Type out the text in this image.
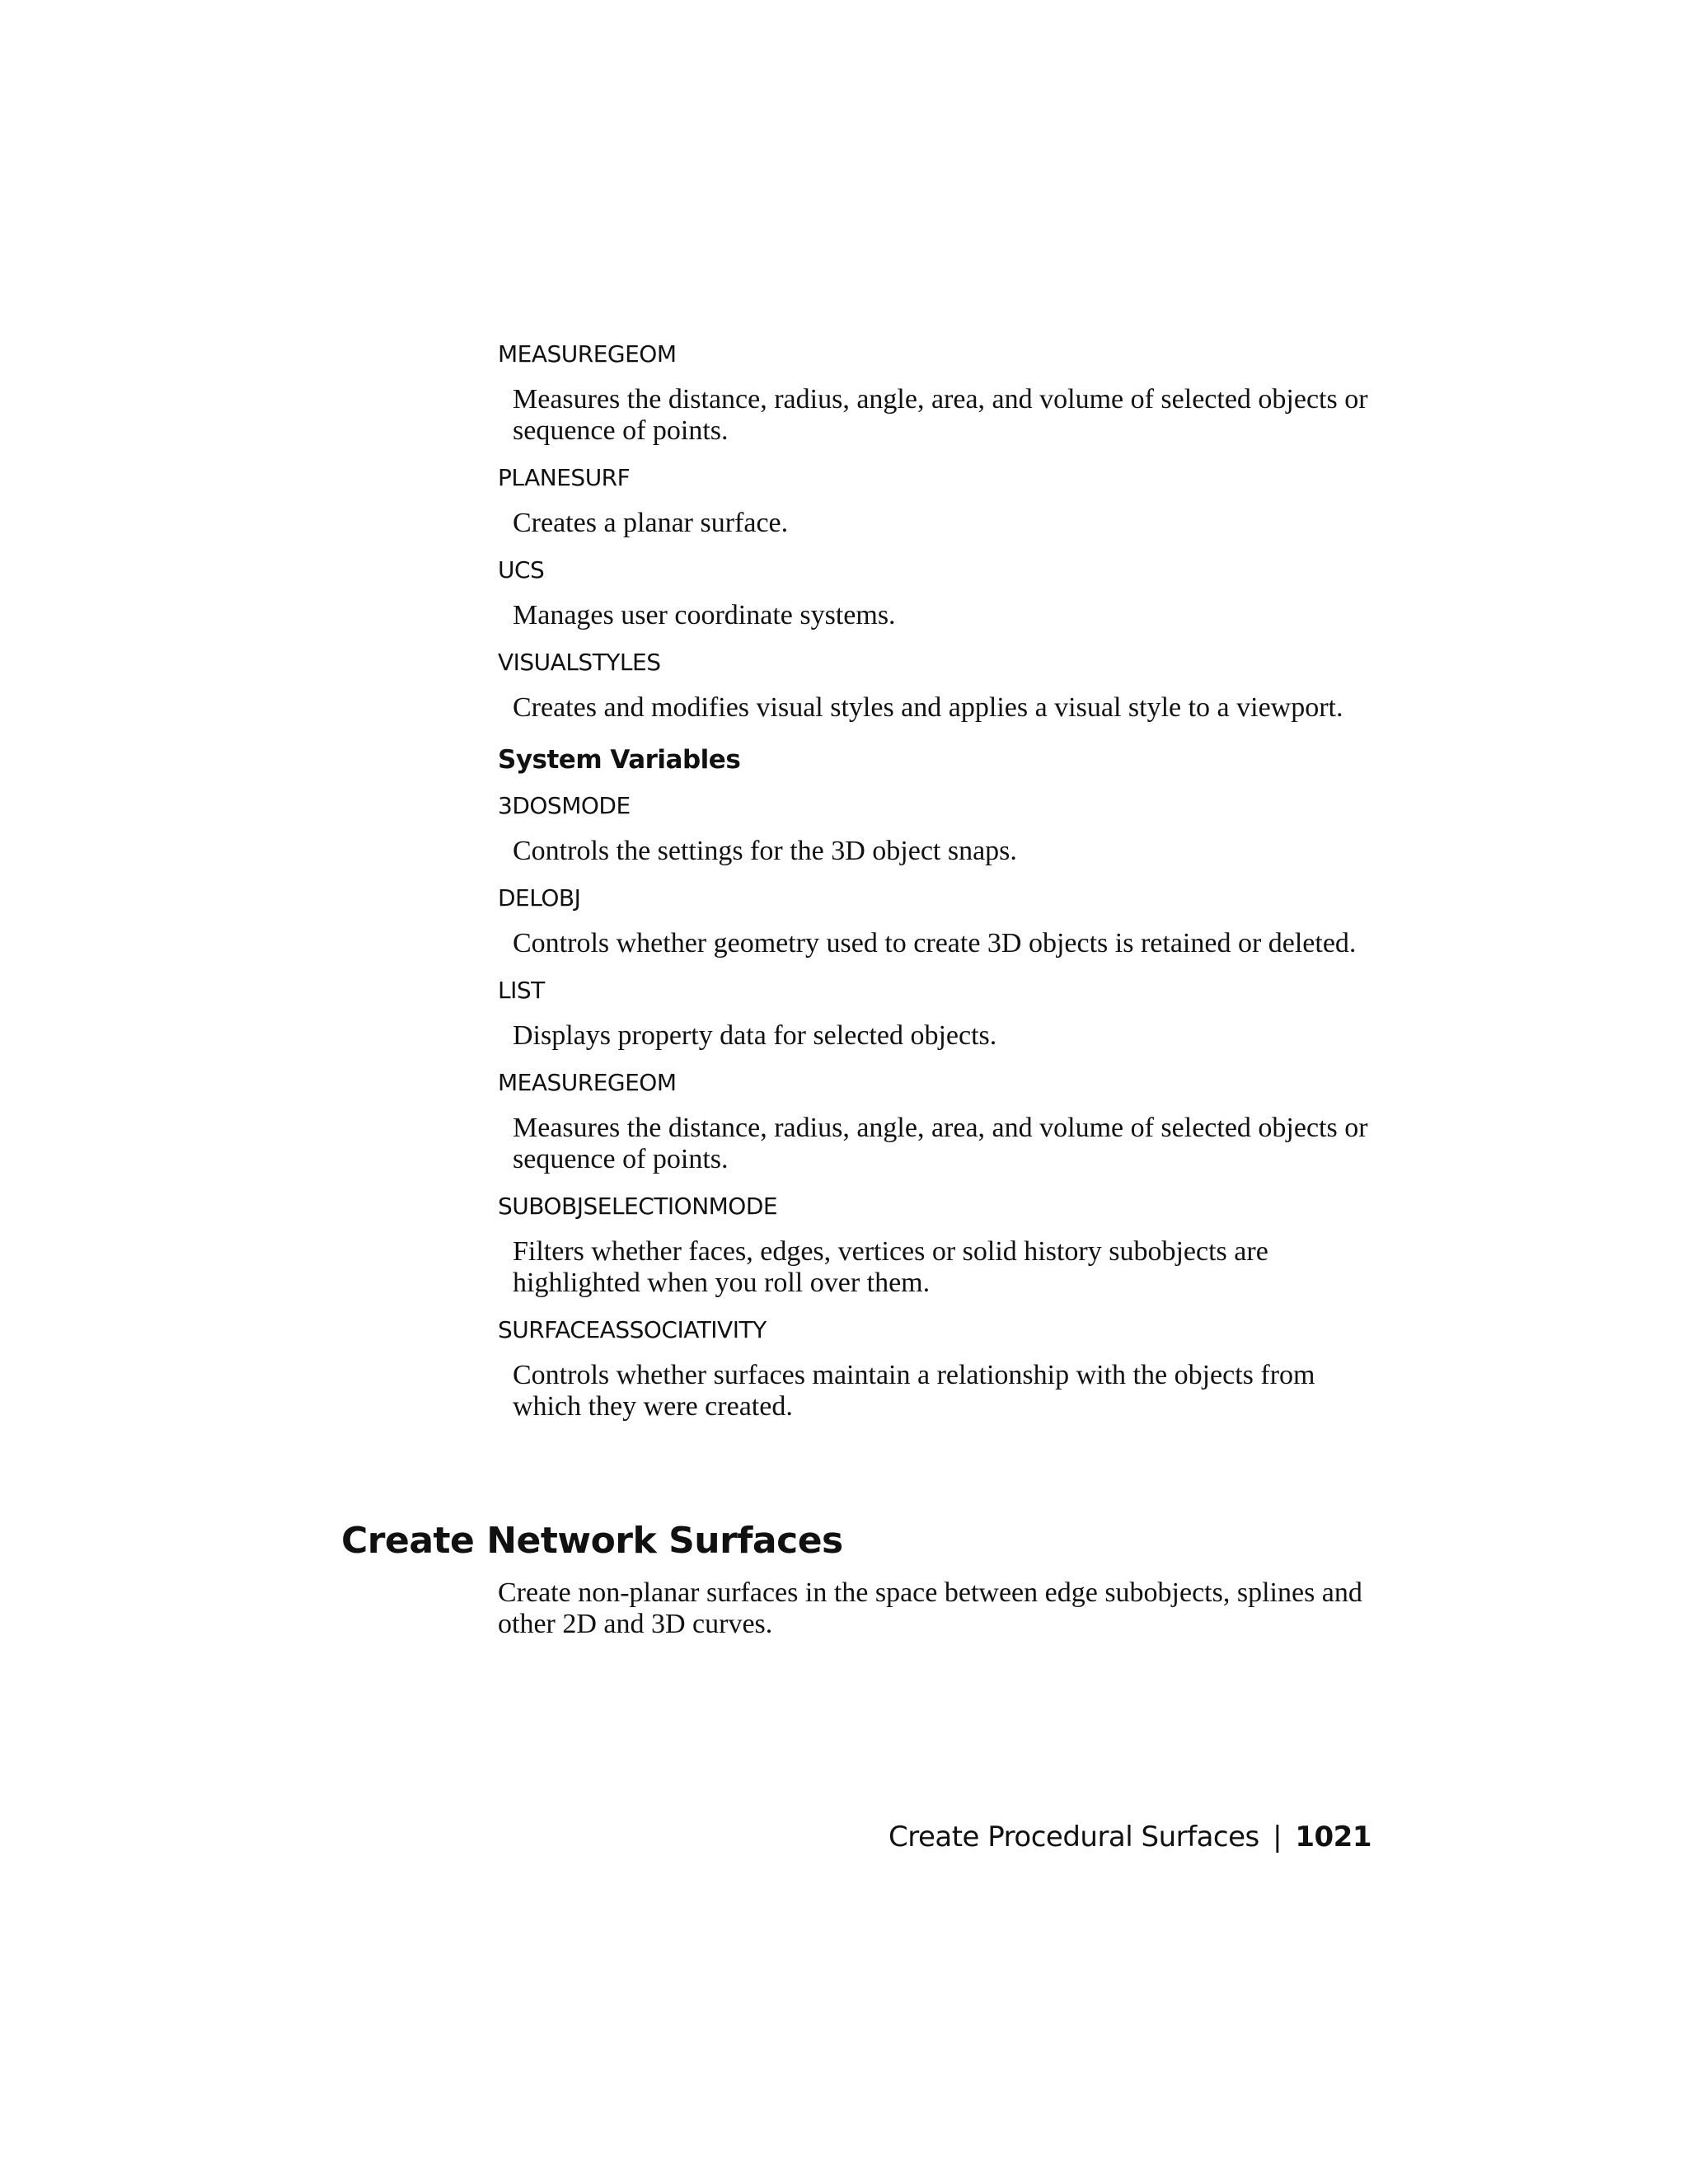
MEASUREGEOM
Measures the distance, radius, angle, area, and volume of selected objects or sequence of points.
PLANESURF
Creates a planar surface.
UCS
Manages user coordinate systems.
VISUALSTYLES
Creates and modifies visual styles and applies a visual style to a viewport.
System Variables
3DOSMODE
Controls the settings for the 3D object snaps.
DELOBJ
Controls whether geometry used to create 3D objects is retained or deleted.
LIST
Displays property data for selected objects.
MEASUREGEOM
Measures the distance, radius, angle, area, and volume of selected objects or sequence of points.
SUBOBJSELECTIONMODE
Filters whether faces, edges, vertices or solid history subobjects are highlighted when you roll over them.
SURFACEASSOCIATIVITY
Controls whether surfaces maintain a relationship with the objects from which they were created.
Create Network Surfaces

Create non-planar surfaces in the space between edge subobjects, splines and other 2D and 3D curves.

Create Procedural Surfaces | 1021
